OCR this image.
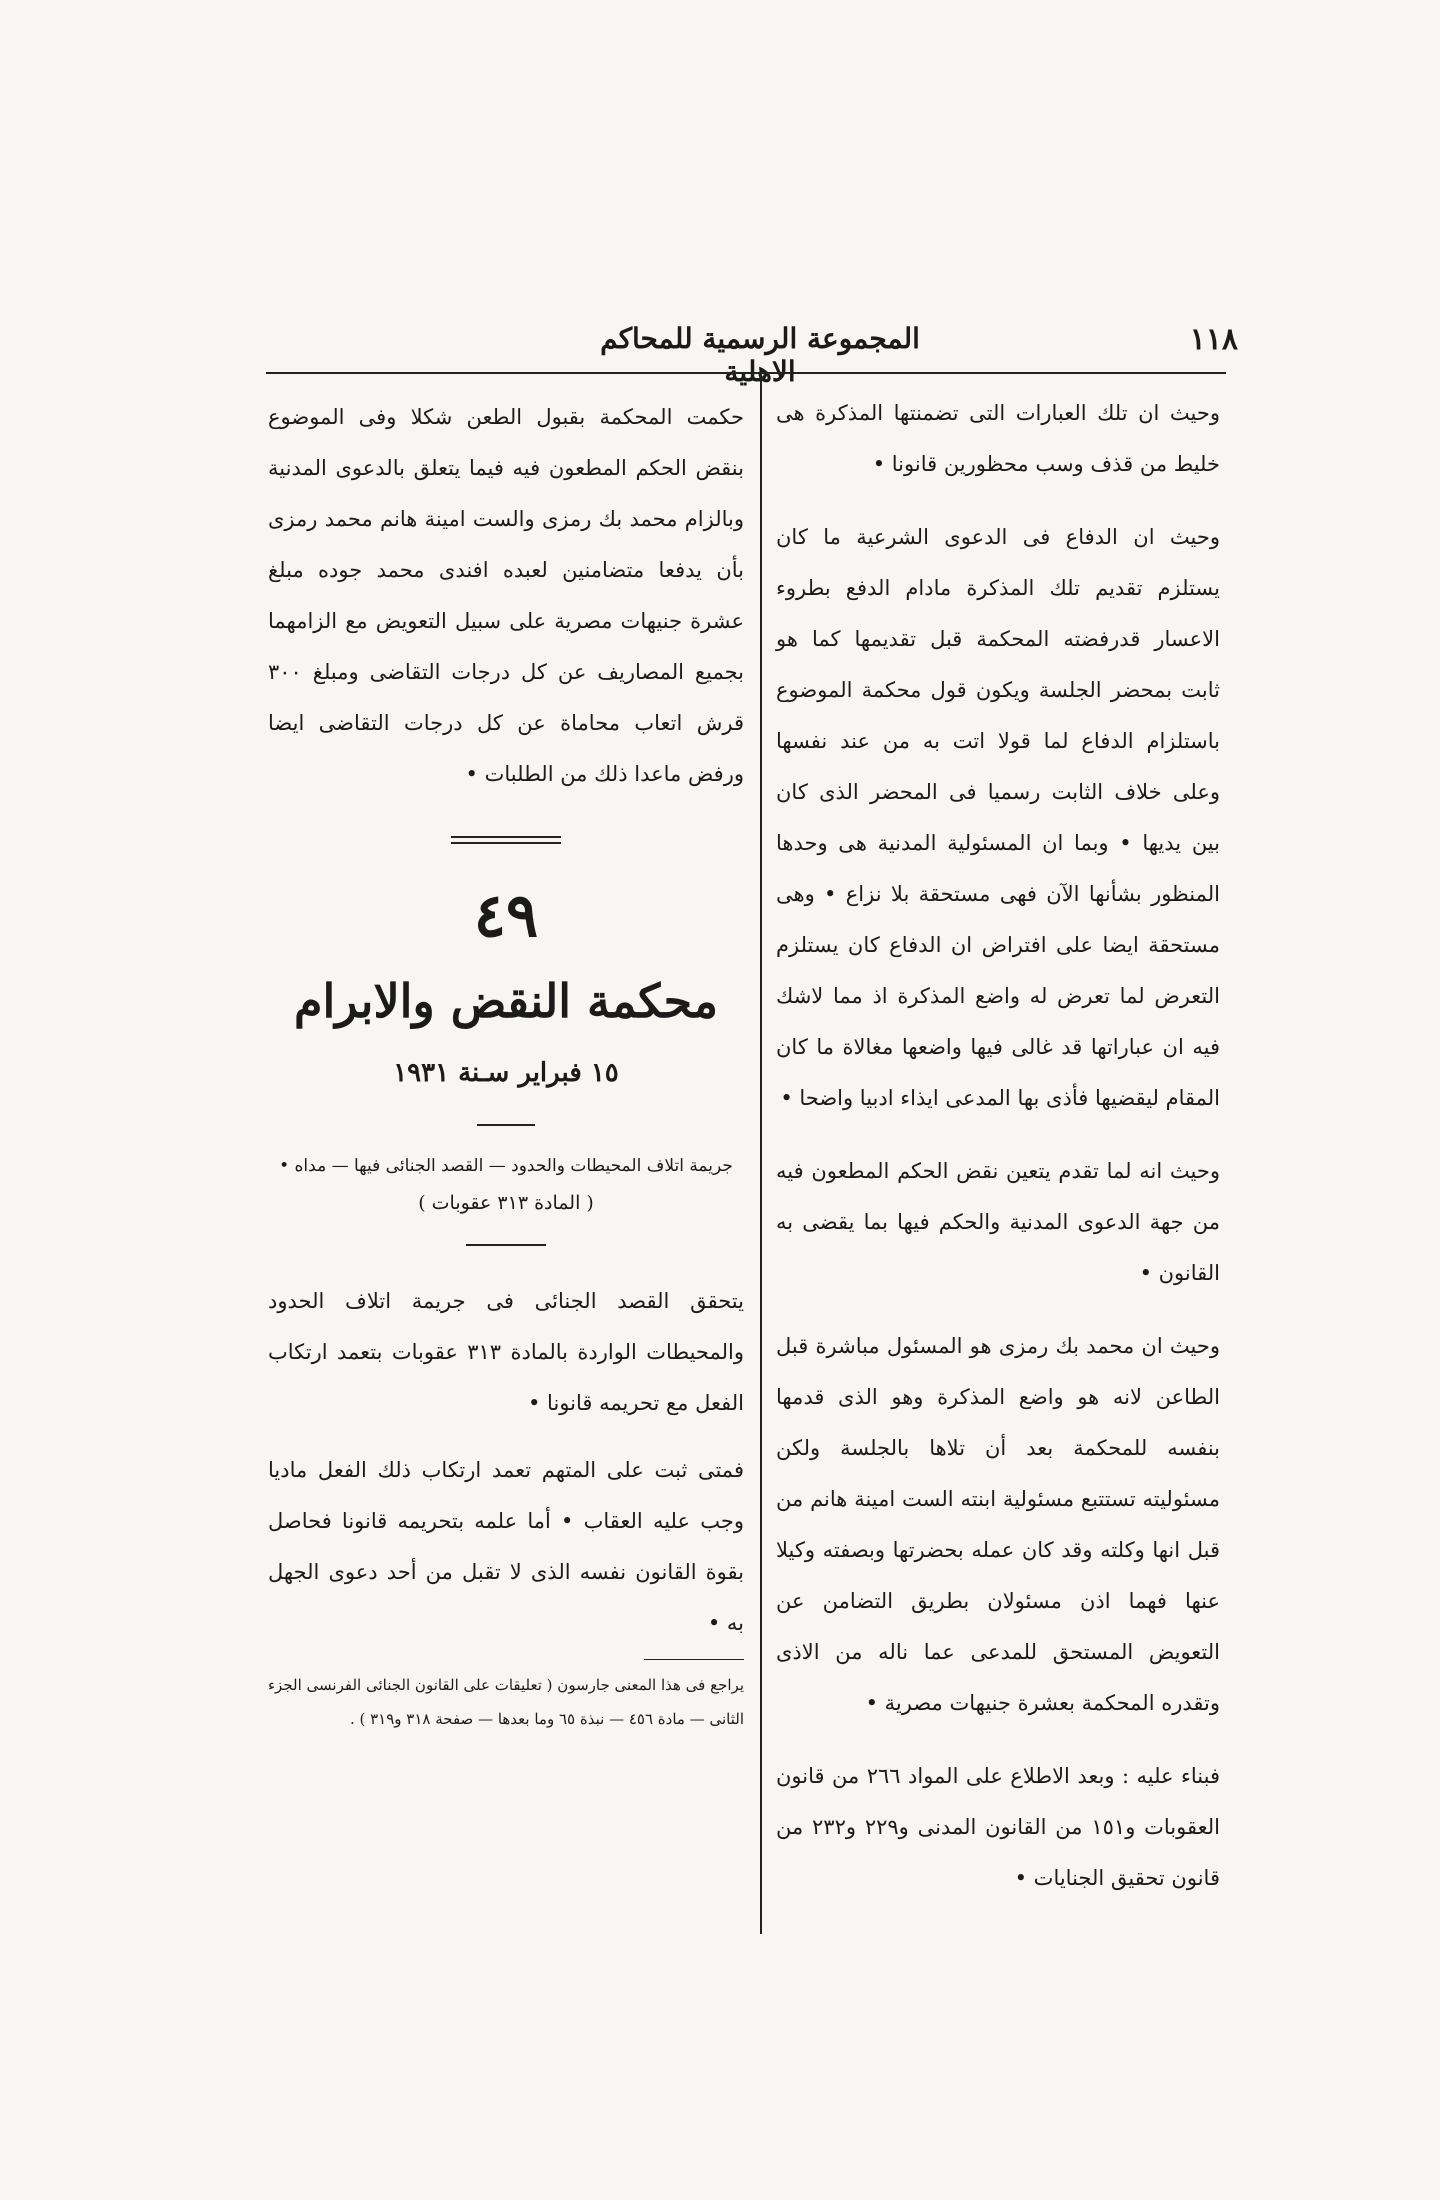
١١٨
المجموعة الرسمية للمحاكم الاهلية

وحيث ان تلك العبارات التى تضمنتها المذكرة هى خليط من قذف وسب محظورين قانونا •

وحيث ان الدفاع فى الدعوى الشرعية ما كان يستلزم تقديم تلك المذكرة مادام الدفع بطروء الاعسار قدرفضته المحكمة قبل تقديمها كما هو ثابت بمحضر الجلسة ويكون قول محكمة الموضوع باستلزام الدفاع لما قولا اتت به من عند نفسها وعلى خلاف الثابت رسميا فى المحضر الذى كان بين يديها • وبما ان المسئولية المدنية هى وحدها المنظور بشأنها الآن فهى مستحقة بلا نزاع • وهى مستحقة ايضا على افتراض ان الدفاع كان يستلزم التعرض لما تعرض له واضع المذكرة اذ مما لاشك فيه ان عباراتها قد غالى فيها واضعها مغالاة ما كان المقام ليقضيها فأذى بها المدعى ايذاء ادبيا واضحا •

وحيث انه لما تقدم يتعين نقض الحكم المطعون فيه من جهة الدعوى المدنية والحكم فيها بما يقضى به القانون •

وحيث ان محمد بك رمزى هو المسئول مباشرة قبل الطاعن لانه هو واضع المذكرة وهو الذى قدمها بنفسه للمحكمة بعد أن تلاها بالجلسة ولكن مسئوليته تستتبع مسئولية ابنته الست امينة هانم من قبل انها وكلته وقد كان عمله بحضرتها وبصفته وكيلا عنها فهما اذن مسئولان بطريق التضامن عن التعويض المستحق للمدعى عما ناله من الاذى وتقدره المحكمة بعشرة جنيهات مصرية •

فبناء عليه : وبعد الاطلاع على المواد ٢٦٦ من قانون العقوبات و١٥١ من القانون المدنى و٢٢٩ و٢٣٢ من قانون تحقيق الجنايات •

حكمت المحكمة بقبول الطعن شكلا وفى الموضوع بنقض الحكم المطعون فيه فيما يتعلق بالدعوى المدنية وبالزام محمد بك رمزى والست امينة هانم محمد رمزى بأن يدفعا متضامنين لعبده افندى محمد جوده مبلغ عشرة جنيهات مصرية على سبيل التعويض مع الزامهما بجميع المصاريف عن كل درجات التقاضى ومبلغ ٣٠٠ قرش اتعاب محاماة عن كل درجات التقاضى ايضا ورفض ماعدا ذلك من الطلبات •

٤٩
محكمة النقض والابرام
١٥ فبراير سـنة ١٩٣١
جريمة اتلاف المحيطات والحدود — القصد الجنائى فيها — مداه •
( المادة ٣١٣ عقوبات )

يتحقق القصد الجنائى فى جريمة اتلاف الحدود والمحيطات الواردة بالمادة ٣١٣ عقوبات بتعمد ارتكاب الفعل مع تحريمه قانونا •

فمتى ثبت على المتهم تعمد ارتكاب ذلك الفعل ماديا وجب عليه العقاب • أما علمه بتحريمه قانونا فحاصل بقوة القانون نفسه الذى لا تقبل من أحد دعوى الجهل به •

يراجع فى هذا المعنى جارسون ( تعليقات على القانون الجنائى الفرنسى الجزء الثانى — مادة ٤٥٦ — نبذة ٦٥ وما بعدها — صفحة ٣١٨ و٣١٩ ) .
